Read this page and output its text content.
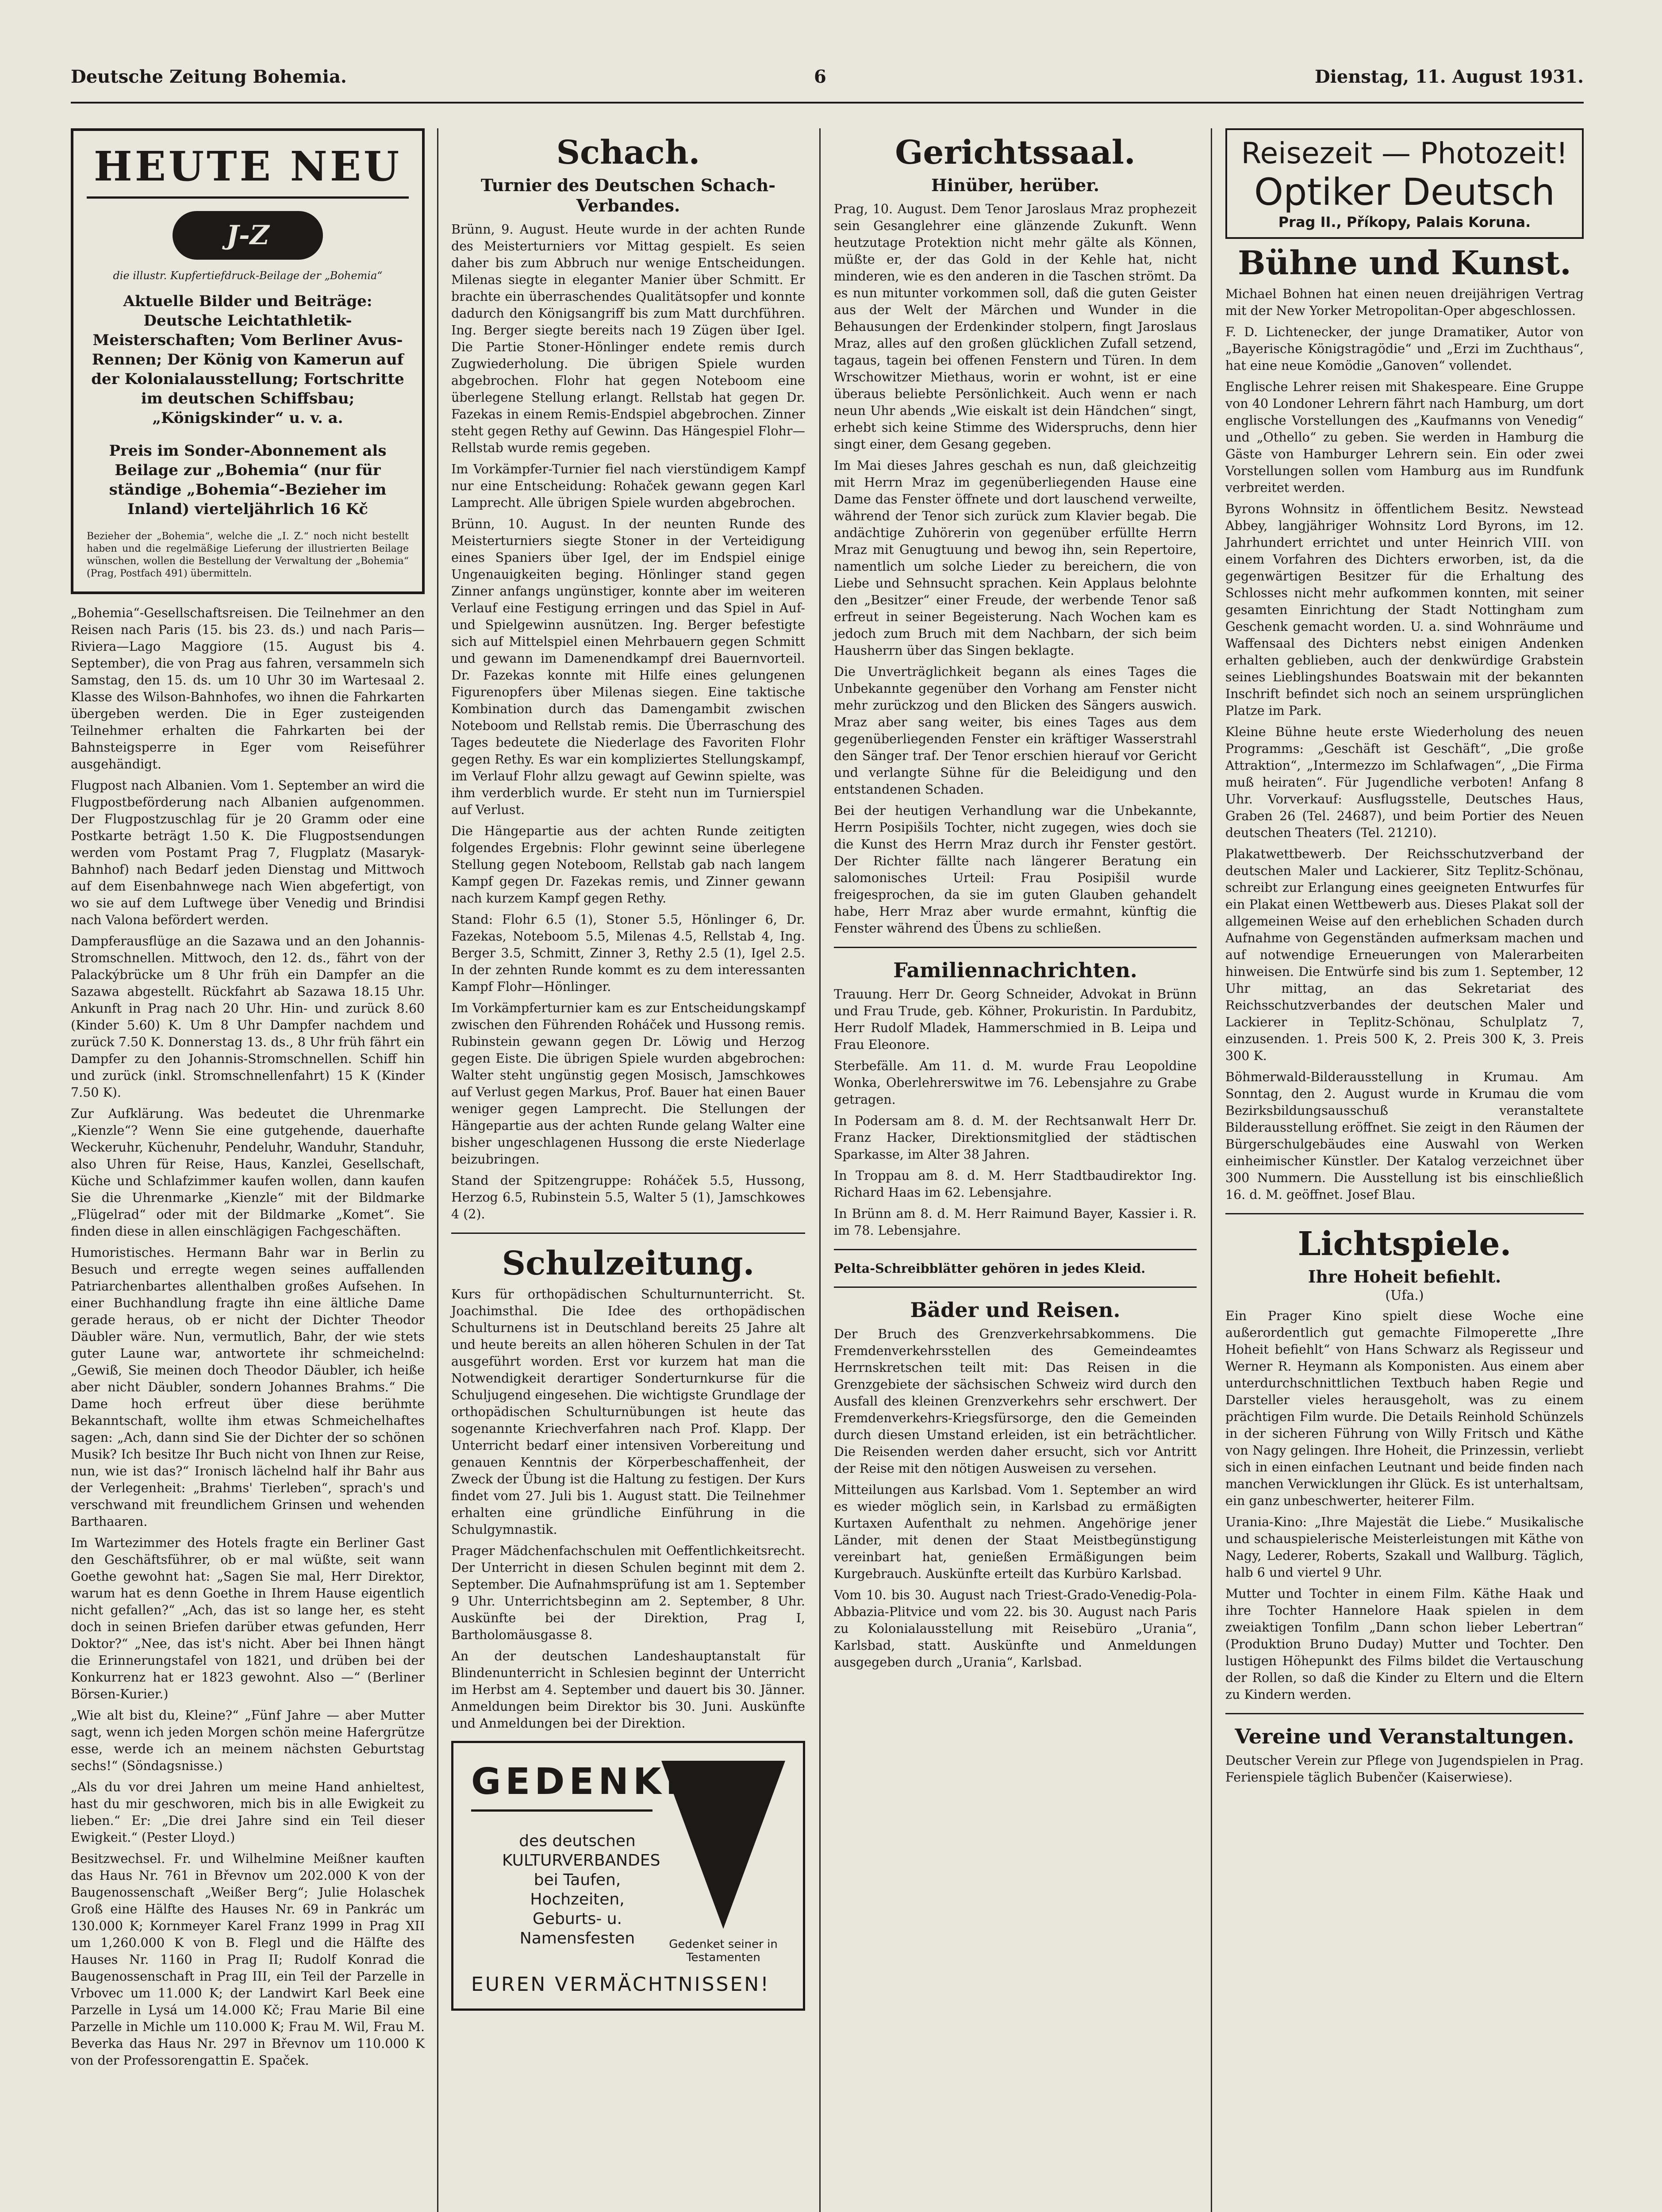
Deutsche Zeitung Bohemia.	6	Dienstag, 11. August 1931.
HEUTE NEU
J-Z
die illustr. Kupfertiefdruck-Beilage der „Bohemia“
Aktuelle Bilder und Beiträge: Deutsche Leichtathletik-Meisterschaften; Vom Berliner Avus-Rennen; Der König von Kamerun auf der Kolonialausstellung; Fortschritte im deutschen Schiffsbau; „Königskinder“ u. v. a.
Preis im Sonder-Abonnement als Beilage zur „Bohemia“ (nur für ständige „Bohemia“-Bezieher im Inland) vierteljährlich 16 Kč
Bezieher der „Bohemia“, welche die „I. Z.“ noch nicht bestellt haben und die regelmäßige Lieferung der illustrierten Beilage wünschen, wollen die Bestellung der Verwaltung der „Bohemia“ (Prag, Postfach 491) übermitteln.

„Bohemia“-Gesellschaftsreisen. Die Teilnehmer an den Reisen nach Paris (15. bis 23. ds.) und nach Paris—Riviera—Lago Maggiore (15. August bis 4. September), die von Prag aus fahren, versammeln sich Samstag, den 15. ds. um 10 Uhr 30 im Wartesaal 2. Klasse des Wilson-Bahnhofes, wo ihnen die Fahrkarten übergeben werden. Die in Eger zusteigenden Teilnehmer erhalten die Fahrkarten bei der Bahnsteigsperre in Eger vom Reiseführer ausgehändigt.

Flugpost nach Albanien. Vom 1. September an wird die Flugpostbeförderung nach Albanien aufgenommen. Der Flugpostzuschlag für je 20 Gramm oder eine Postkarte beträgt 1.50 K. Die Flugpostsendungen werden vom Postamt Prag 7, Flugplatz (Masaryk-Bahnhof) nach Bedarf jeden Dienstag und Mittwoch auf dem Eisenbahnwege nach Wien abgefertigt, von wo sie auf dem Luftwege über Venedig und Brindisi nach Valona befördert werden.

Dampferausflüge an die Sazawa und an den Johannis-Stromschnellen. Mittwoch, den 12. ds., fährt von der Palackýbrücke um 8 Uhr früh ein Dampfer an die Sazawa abgestellt. Rückfahrt ab Sazawa 18.15 Uhr. Ankunft in Prag nach 20 Uhr. Hin- und zurück 8.60 (Kinder 5.60) K. Um 8 Uhr Dampfer nachdem und zurück 7.50 K. Donnerstag 13. ds., 8 Uhr früh fährt ein Dampfer zu den Johannis-Stromschnellen. Schiff hin und zurück (inkl. Stromschnellenfahrt) 15 K (Kinder 7.50 K).

Zur Aufklärung. Was bedeutet die Uhrenmarke „Kienzle“? Wenn Sie eine gutgehende, dauerhafte Weckeruhr, Küchenuhr, Pendeluhr, Wanduhr, Standuhr, also Uhren für Reise, Haus, Kanzlei, Gesellschaft, Küche und Schlafzimmer kaufen wollen, dann kaufen Sie die Uhrenmarke „Kienzle“ mit der Bildmarke „Flügelrad“ oder mit der Bildmarke „Komet“. Sie finden diese in allen einschlägigen Fachgeschäften.

Humoristisches. Hermann Bahr war in Berlin zu Besuch und erregte wegen seines auffallenden Patriarchenbartes allenthalben großes Aufsehen. In einer Buchhandlung fragte ihn eine ältliche Dame gerade heraus, ob er nicht der Dichter Theodor Däubler wäre. Nun, vermutlich, Bahr, der wie stets guter Laune war, antwortete ihr schmeichelnd: „Gewiß, Sie meinen doch Theodor Däubler, ich heiße aber nicht Däubler, sondern Johannes Brahms.“ Die Dame hoch erfreut über diese berühmte Bekanntschaft, wollte ihm etwas Schmeichelhaftes sagen: „Ach, dann sind Sie der Dichter der so schönen Musik? Ich besitze Ihr Buch nicht von Ihnen zur Reise, nun, wie ist das?“ Ironisch lächelnd half ihr Bahr aus der Verlegenheit: „Brahms' Tierleben“, sprach's und verschwand mit freundlichem Grinsen und wehenden Barthaaren.

Im Wartezimmer des Hotels fragte ein Berliner Gast den Geschäftsführer, ob er mal wüßte, seit wann Goethe gewohnt hat: „Sagen Sie mal, Herr Direktor, warum hat es denn Goethe in Ihrem Hause eigentlich nicht gefallen?“ „Ach, das ist so lange her, es steht doch in seinen Briefen darüber etwas gefunden, Herr Doktor?“ „Nee, das ist's nicht. Aber bei Ihnen hängt die Erinnerungstafel von 1821, und drüben bei der Konkurrenz hat er 1823 gewohnt. Also —“ (Berliner Börsen-Kurier.)

„Wie alt bist du, Kleine?“ „Fünf Jahre — aber Mutter sagt, wenn ich jeden Morgen schön meine Hafergrütze esse, werde ich an meinem nächsten Geburtstag sechs!“ (Söndagsnisse.)

„Als du vor drei Jahren um meine Hand anhieltest, hast du mir geschworen, mich bis in alle Ewigkeit zu lieben.“ Er: „Die drei Jahre sind ein Teil dieser Ewigkeit.“ (Pester Lloyd.)

Besitzwechsel. Fr. und Wilhelmine Meißner kauften das Haus Nr. 761 in Břevnov um 202.000 K von der Baugenossenschaft „Weißer Berg“; Julie Holaschek Groß eine Hälfte des Hauses Nr. 69 in Pankrác um 130.000 K; Kornmeyer Karel Franz 1999 in Prag XII um 1,260.000 K von B. Flegl und die Hälfte des Hauses Nr. 1160 in Prag II; Rudolf Konrad die Baugenossenschaft in Prag III, ein Teil der Parzelle in Vrbovec um 11.000 K; der Landwirt Karl Beek eine Parzelle in Lysá um 14.000 Kč; Frau Marie Bil eine Parzelle in Michle um 110.000 K; Frau M. Wil, Frau M. Beverka das Haus Nr. 297 in Břevnov um 110.000 K von der Professorengattin E. Spaček.

Schach.
Turnier des Deutschen Schach-Verbandes.

Brünn, 9. August. Heute wurde in der achten Runde des Meisterturniers vor Mittag gespielt. Es seien daher bis zum Abbruch nur wenige Entscheidungen. Milenas siegte in eleganter Manier über Schmitt. Er brachte ein überraschendes Qualitätsopfer und konnte dadurch den Königsangriff bis zum Matt durchführen. Ing. Berger siegte bereits nach 19 Zügen über Igel. Die Partie Stoner-Hönlinger endete remis durch Zugwiederholung. Die übrigen Spiele wurden abgebrochen. Flohr hat gegen Noteboom eine überlegene Stellung erlangt. Rellstab hat gegen Dr. Fazekas in einem Remis-Endspiel abgebrochen. Zinner steht gegen Rethy auf Gewinn. Das Hängespiel Flohr—Rellstab wurde remis gegeben.

Im Vorkämpfer-Turnier fiel nach vierstündigem Kampf nur eine Entscheidung: Rohaček gewann gegen Karl Lamprecht. Alle übrigen Spiele wurden abgebrochen.

Brünn, 10. August. In der neunten Runde des Meisterturniers siegte Stoner in der Verteidigung eines Spaniers über Igel, der im Endspiel einige Ungenauigkeiten beging. Hönlinger stand gegen Zinner anfangs ungünstiger, konnte aber im weiteren Verlauf eine Festigung erringen und das Spiel in Auf- und Spielgewinn ausnützen. Ing. Berger befestigte sich auf Mittelspiel einen Mehrbauern gegen Schmitt und gewann im Damenendkampf drei Bauernvorteil. Dr. Fazekas konnte mit Hilfe eines gelungenen Figurenopfers über Milenas siegen. Eine taktische Kombination durch das Damengambit zwischen Noteboom und Rellstab remis. Die Überraschung des Tages bedeutete die Niederlage des Favoriten Flohr gegen Rethy. Es war ein kompliziertes Stellungskampf, im Verlauf Flohr allzu gewagt auf Gewinn spielte, was ihm verderblich wurde. Er steht nun im Turnierspiel auf Verlust.

Die Hängepartie aus der achten Runde zeitigten folgendes Ergebnis: Flohr gewinnt seine überlegene Stellung gegen Noteboom, Rellstab gab nach langem Kampf gegen Dr. Fazekas remis, und Zinner gewann nach kurzem Kampf gegen Rethy.

Stand: Flohr 6.5 (1), Stoner 5.5, Hönlinger 6, Dr. Fazekas, Noteboom 5.5, Milenas 4.5, Rellstab 4, Ing. Berger 3.5, Schmitt, Zinner 3, Rethy 2.5 (1), Igel 2.5. In der zehnten Runde kommt es zu dem interessanten Kampf Flohr—Hönlinger.

Im Vorkämpferturnier kam es zur Entscheidungskampf zwischen den Führenden Roháček und Hussong remis. Rubinstein gewann gegen Dr. Löwig und Herzog gegen Eiste. Die übrigen Spiele wurden abgebrochen: Walter steht ungünstig gegen Mosisch, Jamschkowes auf Verlust gegen Markus, Prof. Bauer hat einen Bauer weniger gegen Lamprecht. Die Stellungen der Hängepartie aus der achten Runde gelang Walter eine bisher ungeschlagenen Hussong die erste Niederlage beizubringen.

Stand der Spitzengruppe: Roháček 5.5, Hussong, Herzog 6.5, Rubinstein 5.5, Walter 5 (1), Jamschkowes 4 (2).

Schulzeitung.

Kurs für orthopädischen Schulturnunterricht. St. Joachimsthal. Die Idee des orthopädischen Schulturnens ist in Deutschland bereits 25 Jahre alt und heute bereits an allen höheren Schulen in der Tat ausgeführt worden. Erst vor kurzem hat man die Notwendigkeit derartiger Sonderturnkurse für die Schuljugend eingesehen. Die wichtigste Grundlage der orthopädischen Schulturnübungen ist heute das sogenannte Kriechverfahren nach Prof. Klapp. Der Unterricht bedarf einer intensiven Vorbereitung und genauen Kenntnis der Körperbeschaffenheit, der Zweck der Übung ist die Haltung zu festigen. Der Kurs findet vom 27. Juli bis 1. August statt. Die Teilnehmer erhalten eine gründliche Einführung in die Schulgymnastik.

Prager Mädchenfachschulen mit Oeffentlichkeitsrecht. Der Unterricht in diesen Schulen beginnt mit dem 2. September. Die Aufnahmsprüfung ist am 1. September 9 Uhr. Unterrichtsbeginn am 2. September, 8 Uhr. Auskünfte bei der Direktion, Prag I, Bartholomäusgasse 8.

An der deutschen Landeshauptanstalt für Blindenunterricht in Schlesien beginnt der Unterricht im Herbst am 4. September und dauert bis 30. Jänner. Anmeldungen beim Direktor bis 30. Juni. Auskünfte und Anmeldungen bei der Direktion.

GEDENKET
des deutschen KULTURVERBANDES bei Taufen, Hochzeiten, Geburts- u. Namensfesten	Gedenket seiner in Testamenten
EUREN VERMÄCHTNISSEN!
Gerichtssaal.
Hinüber, herüber.

Prag, 10. August. Dem Tenor Jaroslaus Mraz prophezeit sein Gesanglehrer eine glänzende Zukunft. Wenn heutzutage Protektion nicht mehr gälte als Können, müßte er, der das Gold in der Kehle hat, nicht minderen, wie es den anderen in die Taschen strömt. Da es nun mitunter vorkommen soll, daß die guten Geister aus der Welt der Märchen und Wunder in die Behausungen der Erdenkinder stolpern, fingt Jaroslaus Mraz, alles auf den großen glücklichen Zufall setzend, tagaus, tagein bei offenen Fenstern und Türen. In dem Wrschowitzer Miethaus, worin er wohnt, ist er eine überaus beliebte Persönlichkeit. Auch wenn er nach neun Uhr abends „Wie eiskalt ist dein Händchen“ singt, erhebt sich keine Stimme des Widerspruchs, denn hier singt einer, dem Gesang gegeben.

Im Mai dieses Jahres geschah es nun, daß gleichzeitig mit Herrn Mraz im gegenüberliegenden Hause eine Dame das Fenster öffnete und dort lauschend verweilte, während der Tenor sich zurück zum Klavier begab. Die andächtige Zuhörerin von gegenüber erfüllte Herrn Mraz mit Genugtuung und bewog ihn, sein Repertoire, namentlich um solche Lieder zu bereichern, die von Liebe und Sehnsucht sprachen. Kein Applaus belohnte den „Besitzer“ einer Freude, der werbende Tenor saß erfreut in seiner Begeisterung. Nach Wochen kam es jedoch zum Bruch mit dem Nachbarn, der sich beim Hausherrn über das Singen beklagte.

Die Unverträglichkeit begann als eines Tages die Unbekannte gegenüber den Vorhang am Fenster nicht mehr zurückzog und den Blicken des Sängers auswich. Mraz aber sang weiter, bis eines Tages aus dem gegenüberliegenden Fenster ein kräftiger Wasserstrahl den Sänger traf. Der Tenor erschien hierauf vor Gericht und verlangte Sühne für die Beleidigung und den entstandenen Schaden.

Bei der heutigen Verhandlung war die Unbekannte, Herrn Posipišils Tochter, nicht zugegen, wies doch sie die Kunst des Herrn Mraz durch ihr Fenster gestört. Der Richter fällte nach längerer Beratung ein salomonisches Urteil: Frau Posipišil wurde freigesprochen, da sie im guten Glauben gehandelt habe, Herr Mraz aber wurde ermahnt, künftig die Fenster während des Übens zu schließen.

Familiennachrichten.

Trauung. Herr Dr. Georg Schneider, Advokat in Brünn und Frau Trude, geb. Köhner, Prokuristin. In Pardubitz, Herr Rudolf Mladek, Hammerschmied in B. Leipa und Frau Eleonore.

Sterbefälle. Am 11. d. M. wurde Frau Leopoldine Wonka, Oberlehrerswitwe im 76. Lebensjahre zu Grabe getragen.

In Podersam am 8. d. M. der Rechtsanwalt Herr Dr. Franz Hacker, Direktionsmitglied der städtischen Sparkasse, im Alter 38 Jahren.

In Troppau am 8. d. M. Herr Stadtbaudirektor Ing. Richard Haas im 62. Lebensjahre.

In Brünn am 8. d. M. Herr Raimund Bayer, Kassier i. R. im 78. Lebensjahre.

Pelta-Schreibblätter gehören in jedes Kleid.

Bäder und Reisen.

Der Bruch des Grenzverkehrsabkommens. Die Fremdenverkehrsstellen des Gemeindeamtes Herrnskretschen teilt mit: Das Reisen in die Grenzgebiete der sächsischen Schweiz wird durch den Ausfall des kleinen Grenzverkehrs sehr erschwert. Der Fremdenverkehrs-Kriegsfürsorge, den die Gemeinden durch diesen Umstand erleiden, ist ein beträchtlicher. Die Reisenden werden daher ersucht, sich vor Antritt der Reise mit den nötigen Ausweisen zu versehen.

Mitteilungen aus Karlsbad. Vom 1. September an wird es wieder möglich sein, in Karlsbad zu ermäßigten Kurtaxen Aufenthalt zu nehmen. Angehörige jener Länder, mit denen der Staat Meistbegünstigung vereinbart hat, genießen Ermäßigungen beim Kurgebrauch. Auskünfte erteilt das Kurbüro Karlsbad.

Vom 10. bis 30. August nach Triest-Grado-Venedig-Pola-Abbazia-Plitvice und vom 22. bis 30. August nach Paris zu Kolonialausstellung mit Reisebüro „Urania“, Karlsbad, statt. Auskünfte und Anmeldungen ausgegeben durch „Urania“, Karlsbad.

Reisezeit — Photozeit!
Optiker Deutsch
Prag II., Příkopy, Palais Koruna.
Bühne und Kunst.

Michael Bohnen hat einen neuen dreijährigen Vertrag mit der New Yorker Metropolitan-Oper abgeschlossen.

F. D. Lichtenecker, der junge Dramatiker, Autor von „Bayerische Königstragödie“ und „Erzi im Zuchthaus“, hat eine neue Komödie „Ganoven“ vollendet.

Englische Lehrer reisen mit Shakespeare. Eine Gruppe von 40 Londoner Lehrern fährt nach Hamburg, um dort englische Vorstellungen des „Kaufmanns von Venedig“ und „Othello“ zu geben. Sie werden in Hamburg die Gäste von Hamburger Lehrern sein. Ein oder zwei Vorstellungen sollen vom Hamburg aus im Rundfunk verbreitet werden.

Byrons Wohnsitz in öffentlichem Besitz. Newstead Abbey, langjähriger Wohnsitz Lord Byrons, im 12. Jahrhundert errichtet und unter Heinrich VIII. von einem Vorfahren des Dichters erworben, ist, da die gegenwärtigen Besitzer für die Erhaltung des Schlosses nicht mehr aufkommen konnten, mit seiner gesamten Einrichtung der Stadt Nottingham zum Geschenk gemacht worden. U. a. sind Wohnräume und Waffensaal des Dichters nebst einigen Andenken erhalten geblieben, auch der denkwürdige Grabstein seines Lieblingshundes Boatswain mit der bekannten Inschrift befindet sich noch an seinem ursprünglichen Platze im Park.

Kleine Bühne heute erste Wiederholung des neuen Programms: „Geschäft ist Geschäft“, „Die große Attraktion“, „Intermezzo im Schlafwagen“, „Die Firma muß heiraten“. Für Jugendliche verboten! Anfang 8 Uhr. Vorverkauf: Ausflugsstelle, Deutsches Haus, Graben 26 (Tel. 24687), und beim Portier des Neuen deutschen Theaters (Tel. 21210).

Plakatwettbewerb. Der Reichsschutzverband der deutschen Maler und Lackierer, Sitz Teplitz-Schönau, schreibt zur Erlangung eines geeigneten Entwurfes für ein Plakat einen Wettbewerb aus. Dieses Plakat soll der allgemeinen Weise auf den erheblichen Schaden durch Aufnahme von Gegenständen aufmerksam machen und auf notwendige Erneuerungen von Malerarbeiten hinweisen. Die Entwürfe sind bis zum 1. September, 12 Uhr mittag, an das Sekretariat des Reichsschutzverbandes der deutschen Maler und Lackierer in Teplitz-Schönau, Schulplatz 7, einzusenden. 1. Preis 500 K, 2. Preis 300 K, 3. Preis 300 K.

Böhmerwald-Bilderausstellung in Krumau. Am Sonntag, den 2. August wurde in Krumau die vom Bezirksbildungsausschuß veranstaltete Bilderausstellung eröffnet. Sie zeigt in den Räumen der Bürgerschulgebäudes eine Auswahl von Werken einheimischer Künstler. Der Katalog verzeichnet über 300 Nummern. Die Ausstellung ist bis einschließlich 16. d. M. geöffnet. Josef Blau.

Lichtspiele.
Ihre Hoheit befiehlt.
(Ufa.)

Ein Prager Kino spielt diese Woche eine außerordentlich gut gemachte Filmoperette „Ihre Hoheit befiehlt“ von Hans Schwarz als Regisseur und Werner R. Heymann als Komponisten. Aus einem aber unterdurchschnittlichen Textbuch haben Regie und Darsteller vieles herausgeholt, was zu einem prächtigen Film wurde. Die Details Reinhold Schünzels in der sicheren Führung von Willy Fritsch und Käthe von Nagy gelingen. Ihre Hoheit, die Prinzessin, verliebt sich in einen einfachen Leutnant und beide finden nach manchen Verwicklungen ihr Glück. Es ist unterhaltsam, ein ganz unbeschwerter, heiterer Film.

Urania-Kino: „Ihre Majestät die Liebe.“ Musikalische und schauspielerische Meisterleistungen mit Käthe von Nagy, Lederer, Roberts, Szakall und Wallburg. Täglich, halb 6 und viertel 9 Uhr.

Mutter und Tochter in einem Film. Käthe Haak und ihre Tochter Hannelore Haak spielen in dem zweiaktigen Tonfilm „Dann schon lieber Lebertran“ (Produktion Bruno Duday) Mutter und Tochter. Den lustigen Höhepunkt des Films bildet die Vertauschung der Rollen, so daß die Kinder zu Eltern und die Eltern zu Kindern werden.

Vereine und Veranstaltungen.

Deutscher Verein zur Pflege von Jugendspielen in Prag. Ferienspiele täglich Bubenčer (Kaiserwiese).
